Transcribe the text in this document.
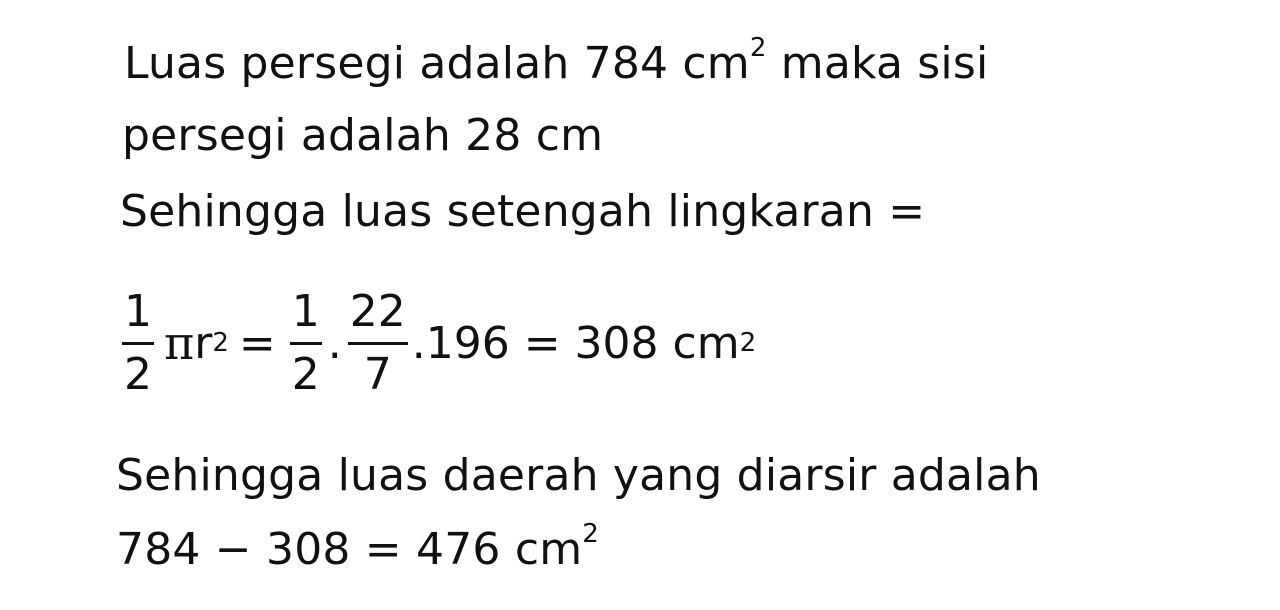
Luas persegi adalah 784 $cm^2$ maka sisi
persegi adalah 28 cm
Sehingga luas setengah lingkaran =
$\frac{1}{2}$ π r $2 = \frac{1}{2}$ . $\frac{22}{7} .196 = 308$ cm 2
Sehingga luas daerah yang diarsir adalah
784 − 308 = 476 $cm^2$
